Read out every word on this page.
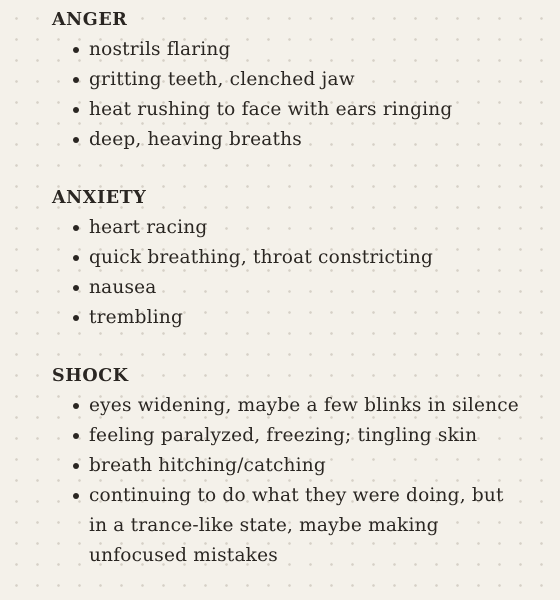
ANGER
nostrils flaring
gritting teeth, clenched jaw
heat rushing to face with ears ringing
deep, heaving breaths
ANXIETY
heart racing
quick breathing, throat constricting
nausea
trembling
SHOCK
eyes widening, maybe a few blinks in silence
feeling paralyzed, freezing; tingling skin
breath hitching/catching
continuing to do what they were doing, but in a trance-like state, maybe making unfocused mistakes
